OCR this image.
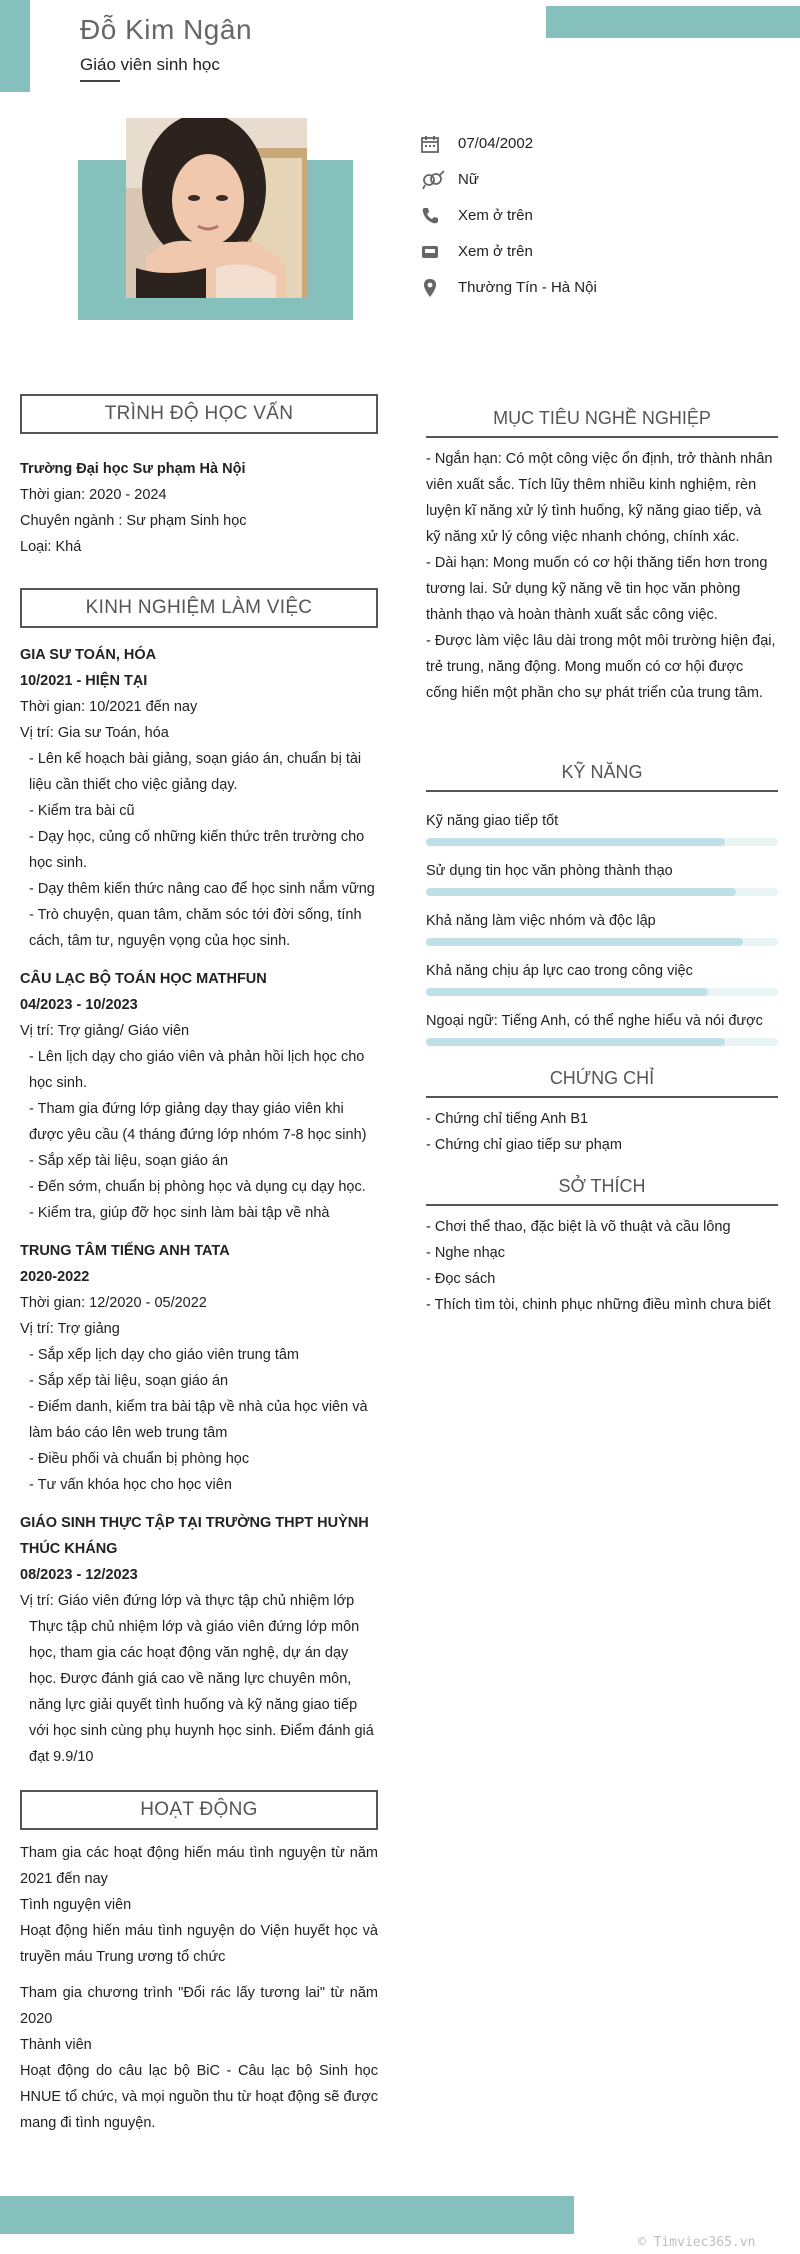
Đỗ Kim Ngân
Giáo viên sinh học
07/04/2002
Nữ
Xem ở trên
Xem ở trên
Thường Tín - Hà Nội
TRÌNH ĐỘ HỌC VẤN

Trường Đại học Sư phạm Hà Nội

Thời gian: 2020 - 2024

Chuyên ngành : Sư phạm Sinh học

Loại: Khá

KINH NGHIỆM LÀM VIỆC

GIA SƯ TOÁN, HÓA

10/2021 - HIỆN TẠI

Thời gian: 10/2021 đến nay

Vị trí: Gia sư Toán, hóa

- Lên kế hoạch bài giảng, soạn giáo án, chuẩn bị tài liệu cần thiết cho việc giảng dạy.

- Kiểm tra bài cũ

- Dạy học, củng cố những kiến thức trên trường cho học sinh.

- Dạy thêm kiến thức nâng cao để học sinh nắm vững

- Trò chuyện, quan tâm, chăm sóc tới đời sống, tính cách, tâm tư, nguyện vọng của học sinh.

CÂU LẠC BỘ TOÁN HỌC MATHFUN

04/2023 - 10/2023

Vị trí: Trợ giảng/ Giáo viên

- Lên lịch dạy cho giáo viên và phản hồi lịch học cho học sinh.

- Tham gia đứng lớp giảng dạy thay giáo viên khi được yêu cầu (4 tháng đứng lớp nhóm 7-8 học sinh)

- Sắp xếp tài liệu, soạn giáo án

- Đến sớm, chuẩn bị phòng học và dụng cụ dạy học.

- Kiểm tra, giúp đỡ học sinh làm bài tập về nhà

TRUNG TÂM TIẾNG ANH TATA

2020-2022

Thời gian: 12/2020 - 05/2022

Vị trí: Trợ giảng

- Sắp xếp lịch dạy cho giáo viên trung tâm

- Sắp xếp tài liệu, soạn giáo án

- Điểm danh, kiểm tra bài tập về nhà của học viên và làm báo cáo lên web trung tâm

- Điều phối và chuẩn bị phòng học

- Tư vấn khóa học cho học viên

GIÁO SINH THỰC TẬP TẠI TRƯỜNG THPT HUỲNH THÚC KHÁNG

08/2023 - 12/2023

Vị trí: Giáo viên đứng lớp và thực tập chủ nhiệm lớp

Thực tập chủ nhiệm lớp và giáo viên đứng lớp môn học, tham gia các hoạt động văn nghệ, dự án dạy học. Được đánh giá cao về năng lực chuyên môn, năng lực giải quyết tình huống và kỹ năng giao tiếp với học sinh cùng phụ huynh học sinh. Điểm đánh giá đạt 9.9/10

HOẠT ĐỘNG

Tham gia các hoạt động hiến máu tình nguyện từ năm 2021 đến nay

Tình nguyện viên

Hoạt động hiến máu tình nguyện do Viện huyết học và truyền máu Trung ương tổ chức

Tham gia chương trình "Đổi rác lấy tương lai" từ năm 2020

Thành viên

Hoạt động do câu lạc bộ BiC - Câu lạc bộ Sinh học HNUE tổ chức, và mọi nguồn thu từ hoạt động sẽ được mang đi tình nguyện.

MỤC TIÊU NGHỀ NGHIỆP

- Ngắn hạn: Có một công việc ổn định, trở thành nhân viên xuất sắc. Tích lũy thêm nhiều kinh nghiệm, rèn luyện kĩ năng xử lý tình huống, kỹ năng giao tiếp, và kỹ năng xử lý công việc nhanh chóng, chính xác.

- Dài hạn: Mong muốn có cơ hội thăng tiến hơn trong tương lai. Sử dụng kỹ năng về tin học văn phòng thành thạo và hoàn thành xuất sắc công việc.

- Được làm việc lâu dài trong một môi trường hiện đại, trẻ trung, năng động. Mong muốn có cơ hội được cống hiến một phần cho sự phát triển của trung tâm.

KỸ NĂNG
Kỹ năng giao tiếp tốt
Sử dụng tin học văn phòng thành thạo
Khả năng làm việc nhóm và độc lập
Khả năng chịu áp lực cao trong công việc
Ngoại ngữ: Tiếng Anh, có thể nghe hiểu và nói được
CHỨNG CHỈ

- Chứng chỉ tiếng Anh B1

- Chứng chỉ giao tiếp sư phạm

SỞ THÍCH

- Chơi thể thao, đặc biệt là võ thuật và cầu lông

- Nghe nhạc

- Đọc sách

- Thích tìm tòi, chinh phục những điều mình chưa biết

© Timviec365.vn
